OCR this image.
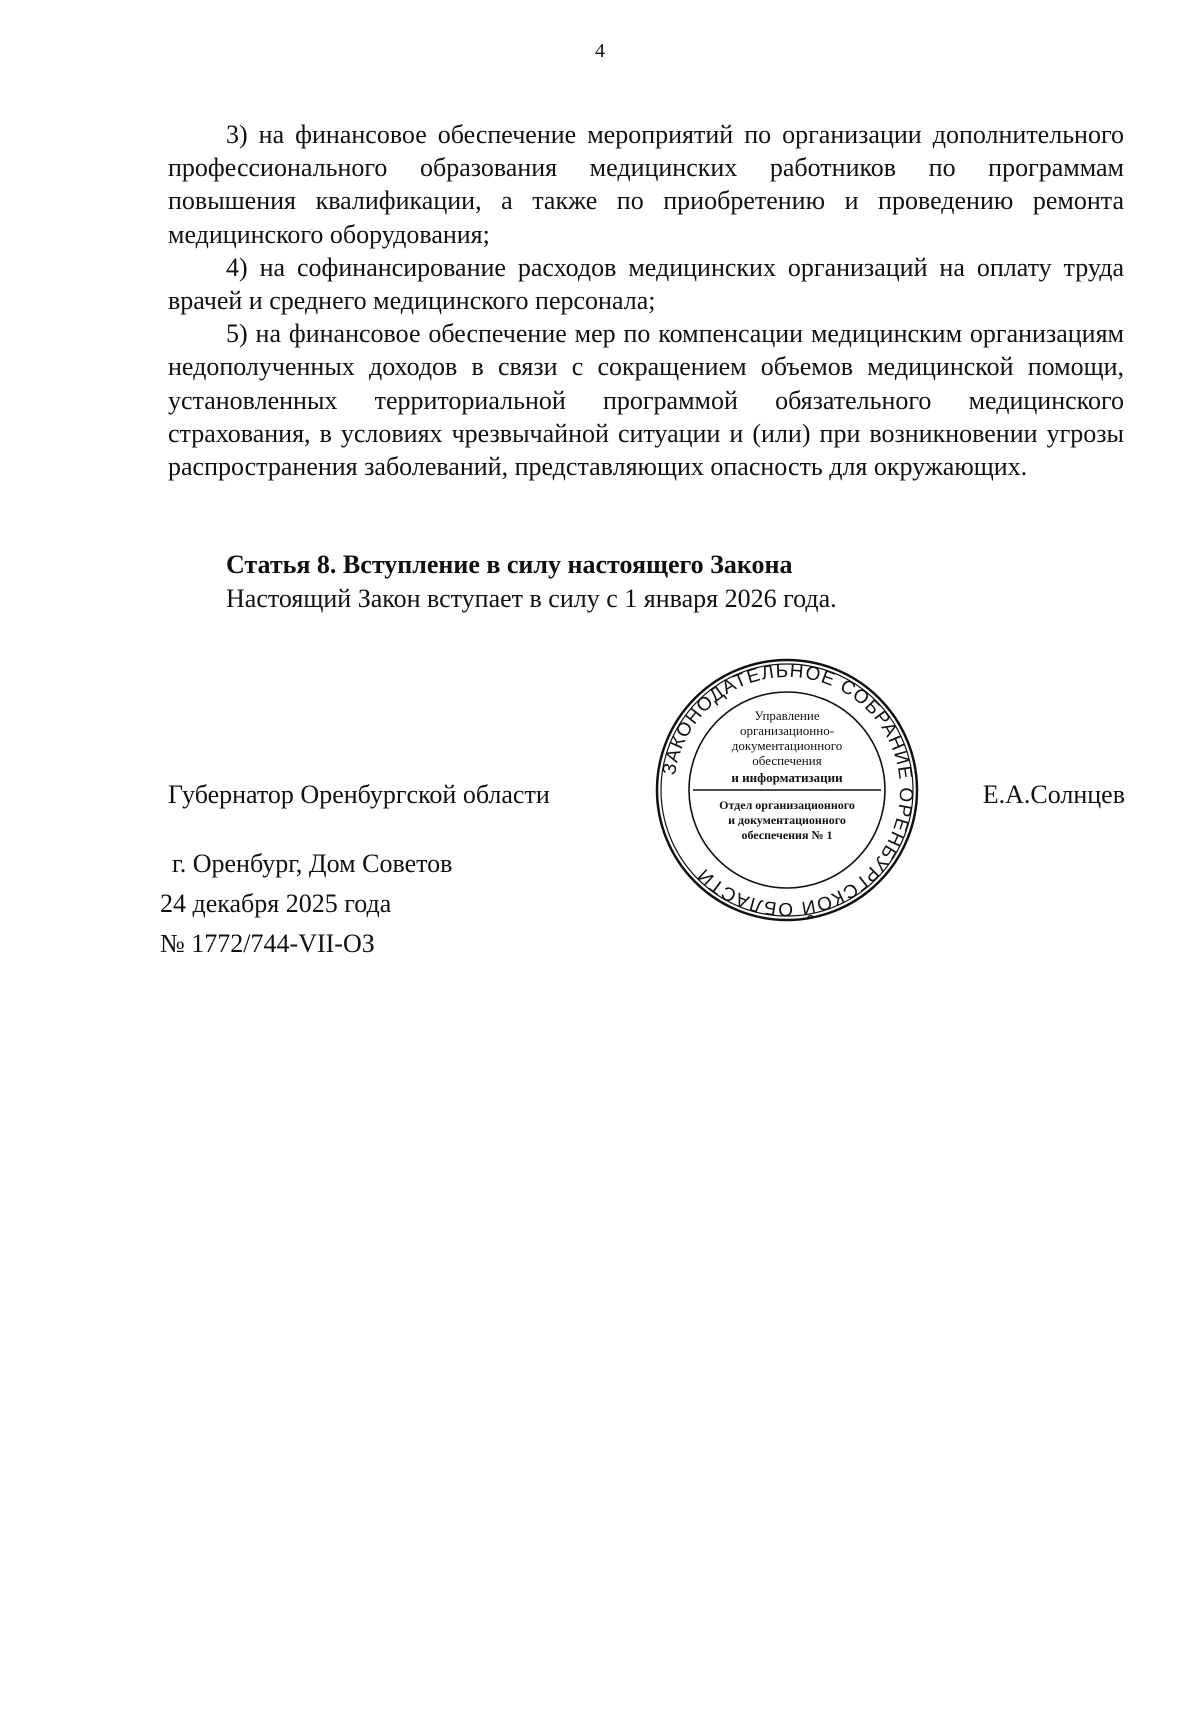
4

3) на финансовое обеспечение мероприятий по организации дополнительного профессионального образования медицинских работников по программам повышения квалификации, а также по приобретению и проведению ремонта медицинского оборудования;

4) на софинансирование расходов медицинских организаций на оплату труда врачей и среднего медицинского персонала;

5) на финансовое обеспечение мер по компенсации медицинским организациям недополученных доходов в связи с сокращением объемов медицинской помощи, установленных территориальной программой обязательного медицинского страхования, в условиях чрезвычайной ситуации и (или) при возникновении угрозы распространения заболеваний, представляющих опасность для окружающих.

Статья 8. Вступление в силу настоящего Закона

Настоящий Закон вступает в силу с 1 января 2026 года.

Губернатор Оренбургской области	Е.А.Солнцев
г. Оренбург, Дом Советов
24 декабря 2025 года
№ 1772/744-VII-ОЗ
ЗАКОНОДАТЕЛЬНОЕ СОБРАНИЕ ОРЕНБУРГСКОЙ ОБЛАСТИ
Управление
организационно-
документационного
обеспечения
и информатизации
Отдел организационного
и документационного
обеспечения № 1
